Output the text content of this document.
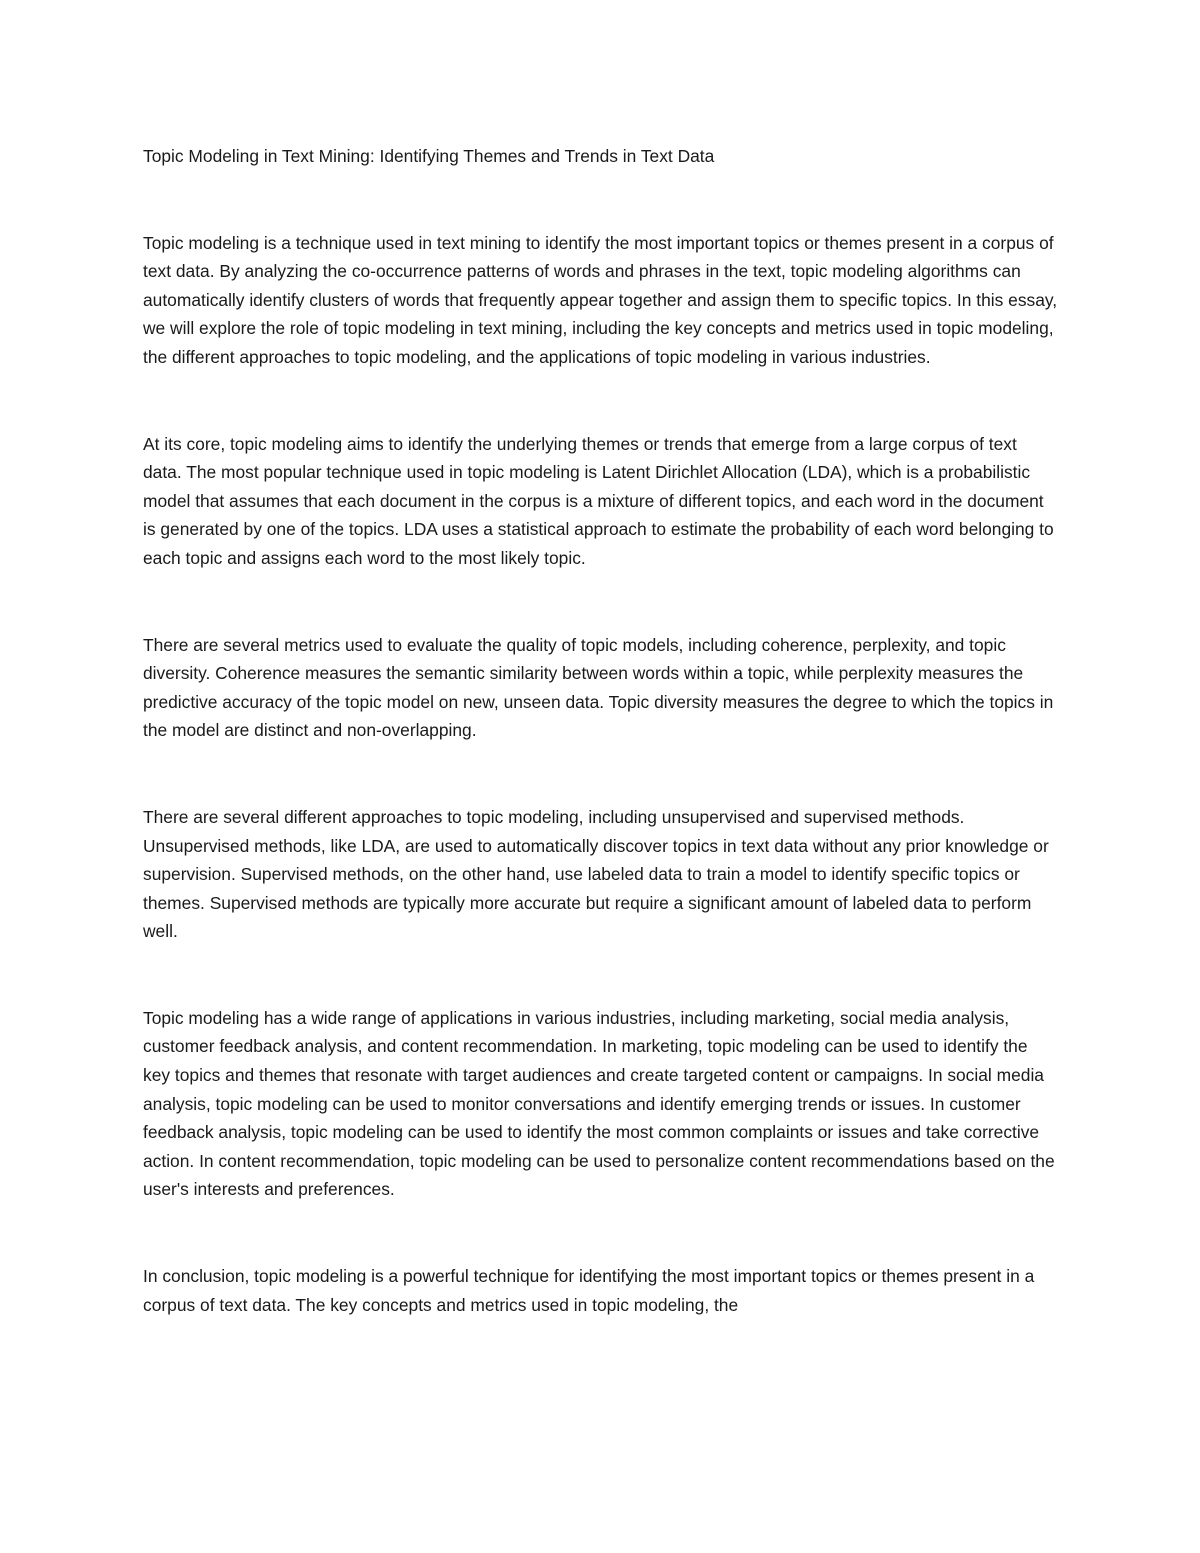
Topic Modeling in Text Mining: Identifying Themes and Trends in Text Data

Topic modeling is a technique used in text mining to identify the most important topics or themes present in a corpus of text data. By analyzing the co-occurrence patterns of words and phrases in the text, topic modeling algorithms can automatically identify clusters of words that frequently appear together and assign them to specific topics. In this essay, we will explore the role of topic modeling in text mining, including the key concepts and metrics used in topic modeling, the different approaches to topic modeling, and the applications of topic modeling in various industries.

At its core, topic modeling aims to identify the underlying themes or trends that emerge from a large corpus of text data. The most popular technique used in topic modeling is Latent Dirichlet Allocation (LDA), which is a probabilistic model that assumes that each document in the corpus is a mixture of different topics, and each word in the document is generated by one of the topics. LDA uses a statistical approach to estimate the probability of each word belonging to each topic and assigns each word to the most likely topic.

There are several metrics used to evaluate the quality of topic models, including coherence, perplexity, and topic diversity. Coherence measures the semantic similarity between words within a topic, while perplexity measures the predictive accuracy of the topic model on new, unseen data. Topic diversity measures the degree to which the topics in the model are distinct and non-overlapping.

There are several different approaches to topic modeling, including unsupervised and supervised methods. Unsupervised methods, like LDA, are used to automatically discover topics in text data without any prior knowledge or supervision. Supervised methods, on the other hand, use labeled data to train a model to identify specific topics or themes. Supervised methods are typically more accurate but require a significant amount of labeled data to perform well.

Topic modeling has a wide range of applications in various industries, including marketing, social media analysis, customer feedback analysis, and content recommendation. In marketing, topic modeling can be used to identify the key topics and themes that resonate with target audiences and create targeted content or campaigns. In social media analysis, topic modeling can be used to monitor conversations and identify emerging trends or issues. In customer feedback analysis, topic modeling can be used to identify the most common complaints or issues and take corrective action. In content recommendation, topic modeling can be used to personalize content recommendations based on the user's interests and preferences.

In conclusion, topic modeling is a powerful technique for identifying the most important topics or themes present in a corpus of text data. The key concepts and metrics used in topic modeling, the
